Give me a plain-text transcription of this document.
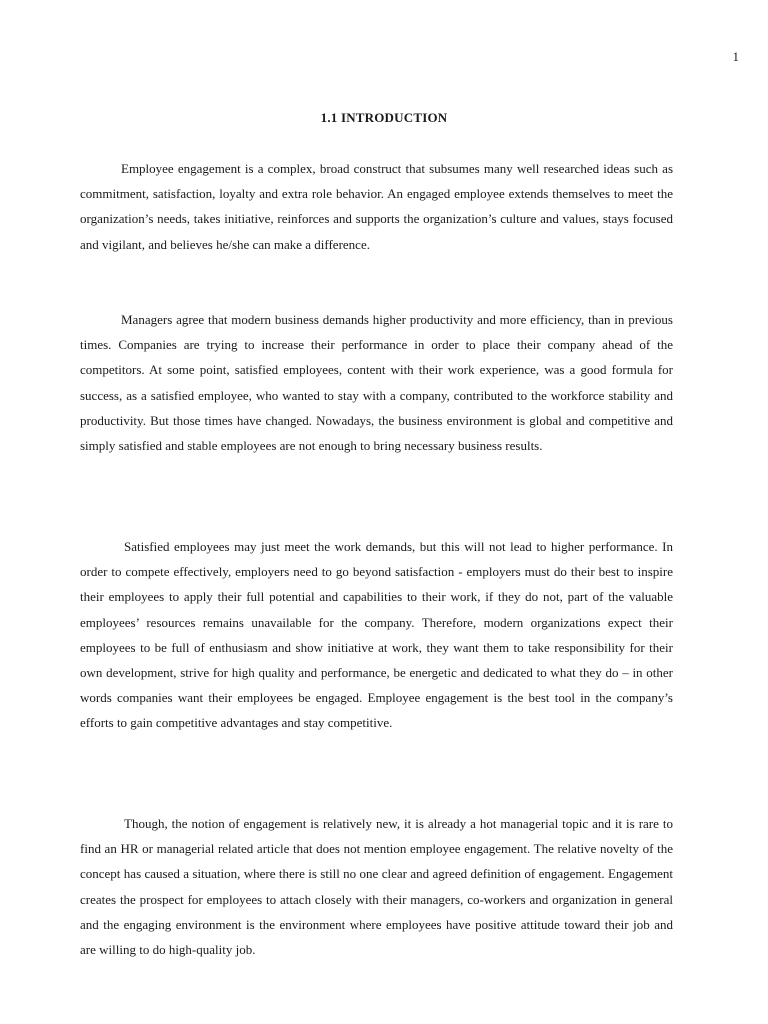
1
1.1 INTRODUCTION

Employee engagement is a complex, broad construct that subsumes many well researched ideas such as commitment, satisfaction, loyalty and extra role behavior. An engaged employee extends themselves to meet the organization’s needs, takes initiative, reinforces and supports the organization’s culture and values, stays focused and vigilant, and believes he/she can make a difference.

Managers agree that modern business demands higher productivity and more efficiency, than in previous times. Companies are trying to increase their performance in order to place their company ahead of the competitors. At some point, satisfied employees, content with their work experience, was a good formula for success, as a satisfied employee, who wanted to stay with a company, contributed to the workforce stability and productivity. But those times have changed. Nowadays, the business environment is global and competitive and simply satisfied and stable employees are not enough to bring necessary business results.

Satisfied employees may just meet the work demands, but this will not lead to higher performance. In order to compete effectively, employers need to go beyond satisfaction - employers must do their best to inspire their employees to apply their full potential and capabilities to their work, if they do not, part of the valuable employees’ resources remains unavailable for the company. Therefore, modern organizations expect their employees to be full of enthusiasm and show initiative at work, they want them to take responsibility for their own development, strive for high quality and performance, be energetic and dedicated to what they do – in other words companies want their employees be engaged. Employee engagement is the best tool in the company’s efforts to gain competitive advantages and stay competitive.

Though, the notion of engagement is relatively new, it is already a hot managerial topic and it is rare to find an HR or managerial related article that does not mention employee engagement. The relative novelty of the concept has caused a situation, where there is still no one clear and agreed definition of engagement. Engagement creates the prospect for employees to attach closely with their managers, co-workers and organization in general and the engaging environment is the environment where employees have positive attitude toward their job and are willing to do high-quality job.
